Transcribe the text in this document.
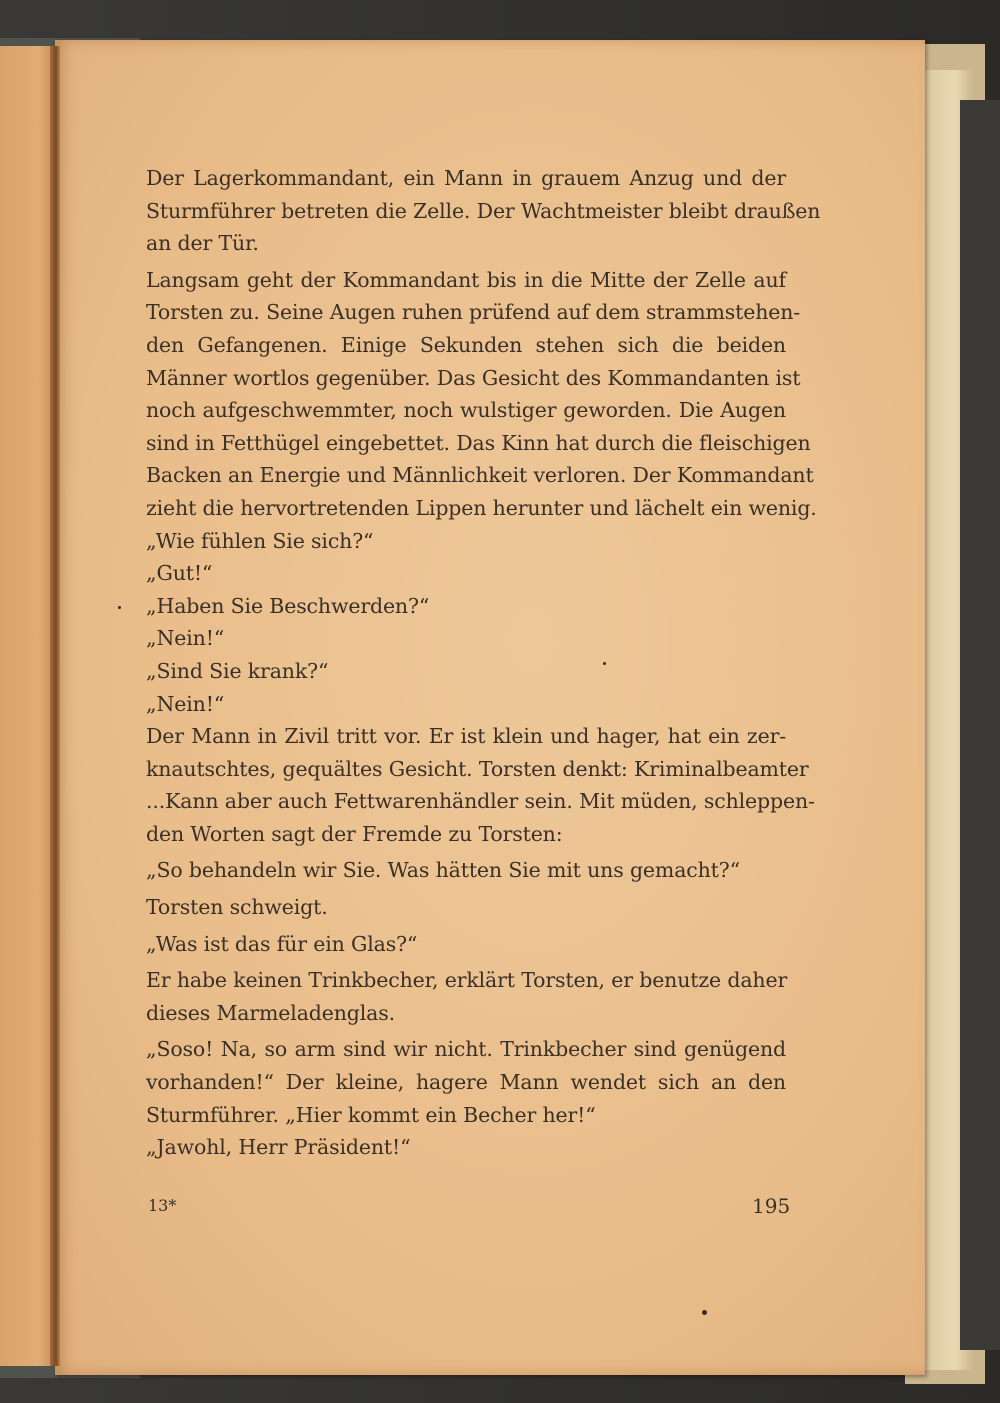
Der Lagerkommandant, ein Mann in grauem Anzug und der
Sturmführer betreten die Zelle. Der Wachtmeister bleibt draußen
an der Tür.
Langsam geht der Kommandant bis in die Mitte der Zelle auf
Torsten zu. Seine Augen ruhen prüfend auf dem strammstehen-
den Gefangenen. Einige Sekunden stehen sich die beiden
Männer wortlos gegenüber. Das Gesicht des Kommandanten ist
noch aufgeschwemmter, noch wulstiger geworden. Die Augen
sind in Fetthügel eingebettet. Das Kinn hat durch die fleischigen
Backen an Energie und Männlichkeit verloren. Der Kommandant
zieht die hervortretenden Lippen herunter und lächelt ein wenig.
„Wie fühlen Sie sich?“
„Gut!“
„Haben Sie Beschwerden?“
„Nein!“
„Sind Sie krank?“
„Nein!“
Der Mann in Zivil tritt vor. Er ist klein und hager, hat ein zer-
knautschtes, gequältes Gesicht. Torsten denkt: Kriminalbeamter
...Kann aber auch Fettwarenhändler sein. Mit müden, schleppen-
den Worten sagt der Fremde zu Torsten:
„So behandeln wir Sie. Was hätten Sie mit uns gemacht?“
Torsten schweigt.
„Was ist das für ein Glas?“
Er habe keinen Trinkbecher, erklärt Torsten, er benutze daher
dieses Marmeladenglas.
„Soso! Na, so arm sind wir nicht. Trinkbecher sind genügend
vorhanden!“ Der kleine, hagere Mann wendet sich an den
Sturmführer. „Hier kommt ein Becher her!“
„Jawohl, Herr Präsident!“
13*	195
